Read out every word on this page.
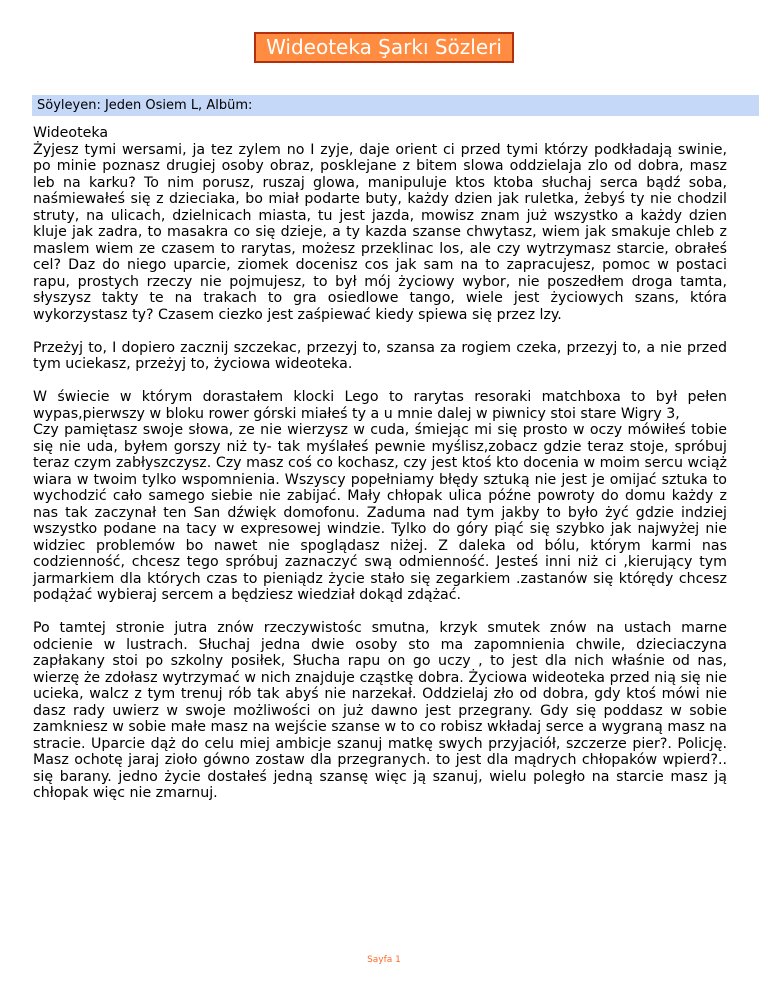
Wideoteka Şarkı Sözleri
Söyleyen: Jeden Osiem L, Albüm:

Wideoteka
Żyjesz tymi wersami, ja tez zylem no I zyje, daje orient ci przed tymi którzy podkładają swinie, po minie poznasz drugiej osoby obraz, posklejane z bitem slowa oddzielaja zlo od dobra, masz leb na karku? To nim porusz, ruszaj glowa, manipuluje ktos ktoba słuchaj serca bądź soba, naśmiewałeś się z dzieciaka, bo miał podarte buty, każdy dzien jak ruletka, żebyś ty nie chodzil struty, na ulicach, dzielnicach miasta, tu jest jazda, mowisz znam już wszystko a każdy dzien kluje jak zadra, to masakra co się dzieje, a ty kazda szanse chwytasz, wiem jak smakuje chleb z maslem wiem ze czasem to rarytas, możesz przeklinac los, ale czy wytrzymasz starcie, obrałeś cel? Daz do niego uparcie, ziomek docenisz cos jak sam na to zapracujesz, pomoc w postaci rapu, prostych rzeczy nie pojmujesz, to był mój życiowy wybor, nie poszedłem droga tamta, słyszysz takty te na trakach to gra osiedlowe tango, wiele jest życiowych szans, która wykorzystasz ty? Czasem ciezko jest zaśpiewać kiedy spiewa się przez lzy.

Przeżyj to, I dopiero zacznij szczekac, przezyj to, szansa za rogiem czeka, przezyj to, a nie przed tym uciekasz, przeżyj to, życiowa wideoteka.

W świecie w którym dorastałem klocki Lego to rarytas resoraki matchboxa to był pełen wypas,pierwszy w bloku rower górski miałeś ty a u mnie dalej w piwnicy stoi stare Wigry 3,
Czy pamiętasz swoje słowa, ze nie wierzysz w cuda, śmiejąc mi się prosto w oczy mówiłeś tobie się nie uda, byłem gorszy niż ty- tak myślałeś pewnie myślisz,zobacz gdzie teraz stoje, spróbuj teraz czym zabłyszczysz. Czy masz coś co kochasz, czy jest ktoś kto docenia w moim sercu wciąż wiara w twoim tylko wspomnienia. Wszyscy popełniamy błędy sztuką nie jest je omijać sztuka to wychodzić cało samego siebie nie zabijać. Mały chłopak ulica późne powroty do domu każdy z nas tak zaczynał ten San dźwięk domofonu. Zaduma nad tym jakby to było żyć gdzie indziej wszystko podane na tacy w expresowej windzie. Tylko do góry piąć się szybko jak najwyżej nie widziec problemów bo nawet nie spoglądasz niżej. Z daleka od bólu, którym karmi nas codzienność, chcesz tego spróbuj zaznaczyć swą odmienność. Jesteś inni niż ci ,kierujący tym jarmarkiem dla których czas to pieniądz życie stało się zegarkiem .zastanów się którędy chcesz podążać wybieraj sercem a będziesz wiedział dokąd zdążać.

Po tamtej stronie jutra znów rzeczywistośc smutna, krzyk smutek znów na ustach marne odcienie w lustrach. Słuchaj jedna dwie osoby sto ma zapomnienia chwile, dzieciaczyna zapłakany stoi po szkolny posiłek, Słucha rapu on go uczy , to jest dla nich właśnie od nas, wierzę że zdołasz wytrzymać w nich znajduje cząstkę dobra. Życiowa wideoteka przed nią się nie ucieka, walcz z tym trenuj rób tak abyś nie narzekał. Oddzielaj zło od dobra, gdy ktoś mówi nie dasz rady uwierz w swoje możliwości on już dawno jest przegrany. Gdy się poddasz w sobie zamkniesz w sobie małe masz na wejście szanse w to co robisz wkładaj serce a wygraną masz na stracie. Uparcie dąż do celu miej ambicje szanuj matkę swych przyjaciół, szczerze pier?. Policję. Masz ochotę jaraj zioło gówno zostaw dla przegranych. to jest dla mądrych chłopaków wpierd?.. się barany. jedno życie dostałeś jedną szansę więc ją szanuj, wielu poległo na starcie masz ją chłopak więc nie zmarnuj.

Sayfa 1
